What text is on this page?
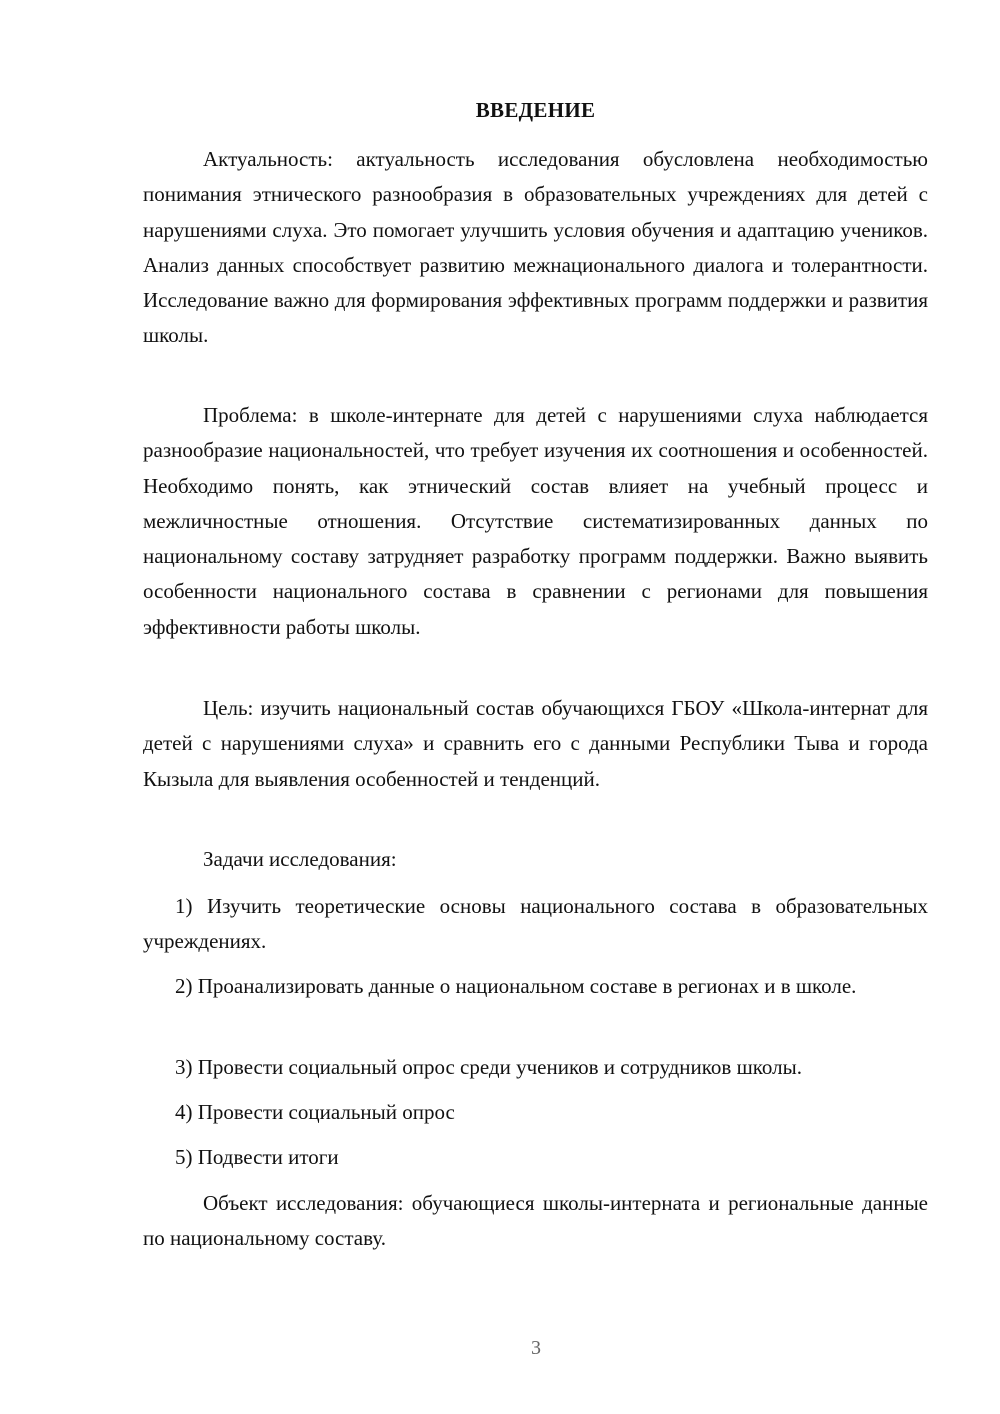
ВВЕДЕНИЕ

Актуальность: актуальность исследования обусловлена необходимостью понимания этнического разнообразия в образовательных учреждениях для детей с нарушениями слуха. Это помогает улучшить условия обучения и адаптацию учеников. Анализ данных способствует развитию межнационального диалога и толерантности. Исследование важно для формирования эффективных программ поддержки и развития школы.

Проблема: в школе-интернате для детей с нарушениями слуха наблюдается разнообразие национальностей, что требует изучения их соотношения и особенностей. Необходимо понять, как этнический состав влияет на учебный процесс и межличностные отношения. Отсутствие систематизированных данных по национальному составу затрудняет разработку программ поддержки. Важно выявить особенности национального состава в сравнении с регионами для повышения эффективности работы школы.

Цель: изучить национальный состав обучающихся ГБОУ «Школа-интернат для детей с нарушениями слуха» и сравнить его с данными Республики Тыва и города Кызыла для выявления особенностей и тенденций.

Задачи исследования:

1) Изучить теоретические основы национального состава в образовательных учреждениях.

2) Проанализировать данные о национальном составе в регионах и в школе.

3) Провести социальный опрос среди учеников и сотрудников школы.

4) Провести социальный опрос

5) Подвести итоги

Объект исследования: обучающиеся школы-интерната и региональные данные по национальному составу.

3
